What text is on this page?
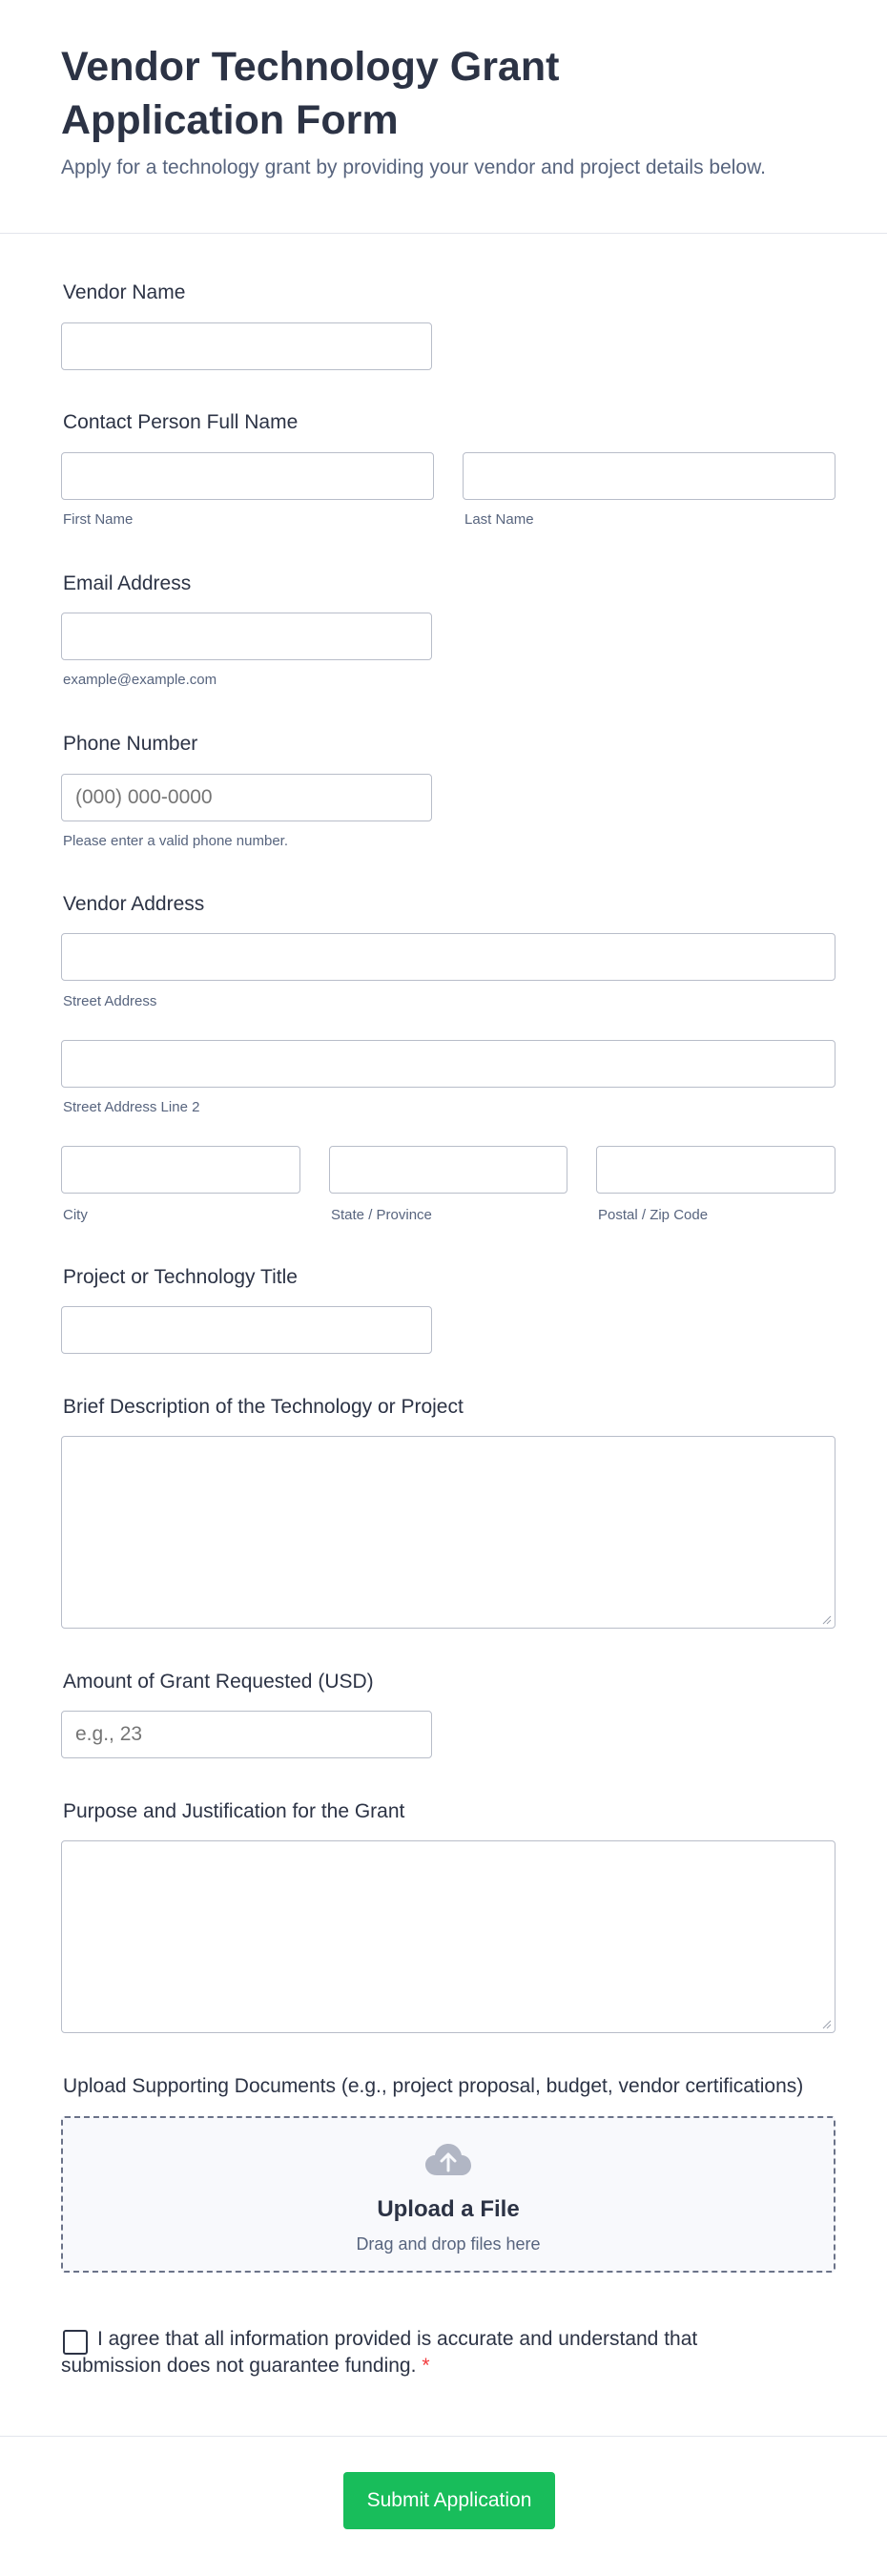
Vendor Technology Grant Application Form
Apply for a technology grant by providing your vendor and project details below.
Vendor Name
Contact Person Full Name
First Name	Last Name
Email Address
example@example.com
Phone Number
(000) 000-0000
Please enter a valid phone number.
Vendor Address
Street Address
Street Address Line 2
City	State / Province	Postal / Zip Code
Project or Technology Title
Brief Description of the Technology or Project
Amount of Grant Requested (USD)
e.g., 23
Purpose and Justification for the Grant
Upload Supporting Documents (e.g., project proposal, budget, vendor certifications)
Upload a File
Drag and drop files here
I agree that all information provided is accurate and understand that submission does not guarantee funding. *
Submit Application
